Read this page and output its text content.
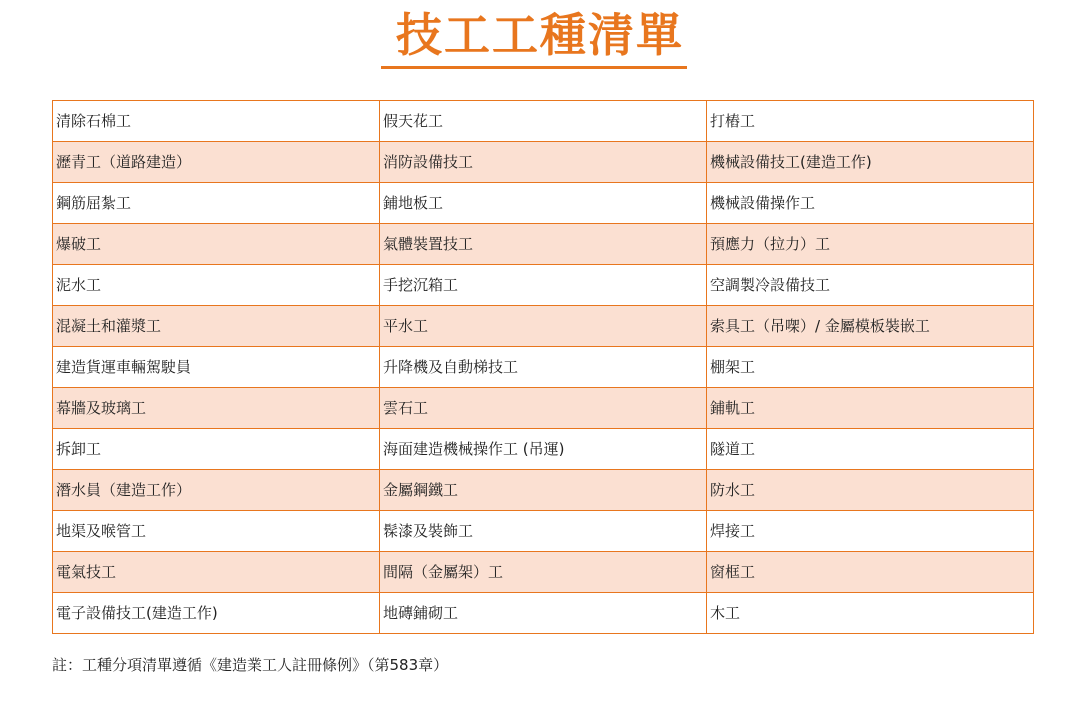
技工工種清單
清除石棉工	假天花工	打樁工
瀝青工（道路建造）	消防設備技工	機械設備技工(建造工作)
鋼筋屈紮工	鋪地板工	機械設備操作工
爆破工	氣體裝置技工	預應力（拉力）工
泥水工	手挖沉箱工	空調製冷設備技工
混凝土和灌漿工	平水工	索具工（吊㗎）/ 金屬模板裝嵌工
建造貨運車輛駕駛員	升降機及自動梯技工	棚架工
幕牆及玻璃工	雲石工	鋪軌工
拆卸工	海面建造機械操作工 (吊運)	隧道工
潛水員（建造工作）	金屬鋼鐵工	防水工
地渠及喉管工	髹漆及裝飾工	焊接工
電氣技工	間隔（金屬架）工	窗框工
電子設備技工(建造工作)	地磚鋪砌工	木工
註：工種分項清單遵循《建造業工人註冊條例》（第583章）
